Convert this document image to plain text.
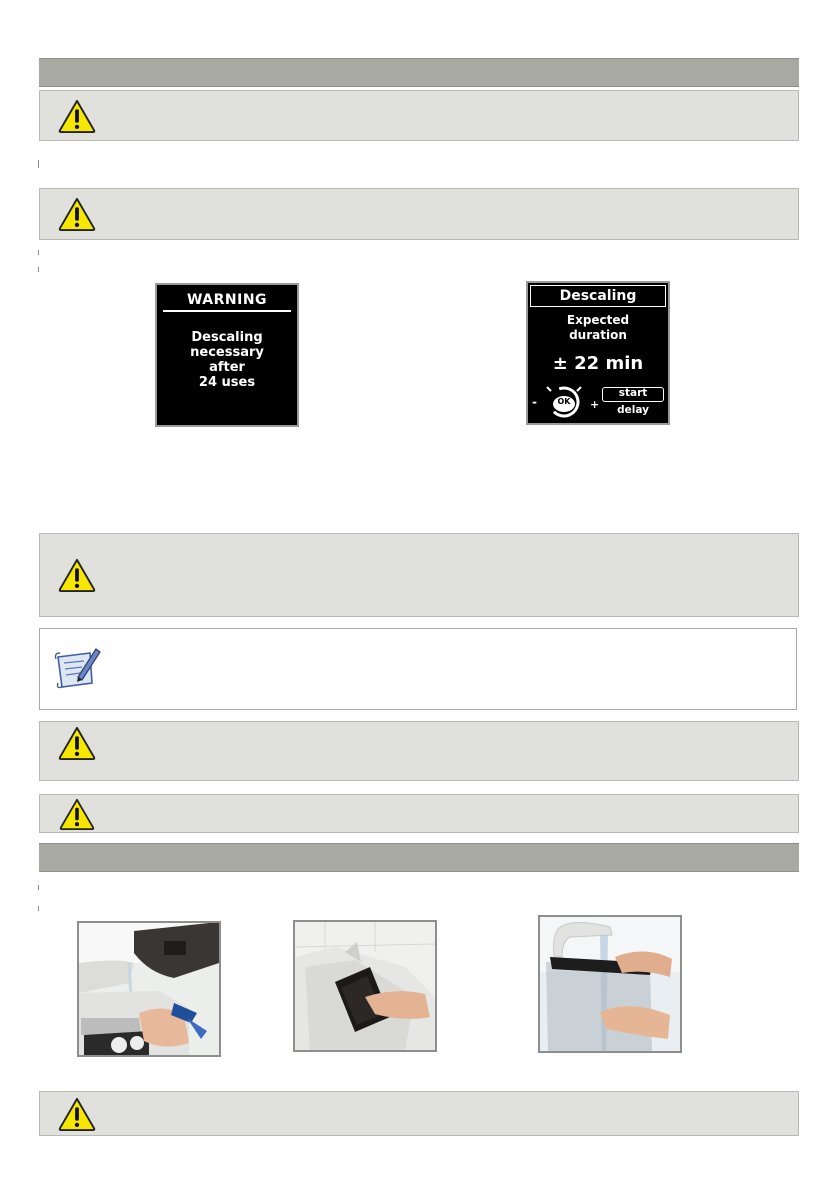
WARNING
Descaling
necessary
after
24 uses
Descaling
Expected
duration
± 22 min
OK
-	+
start
delay
